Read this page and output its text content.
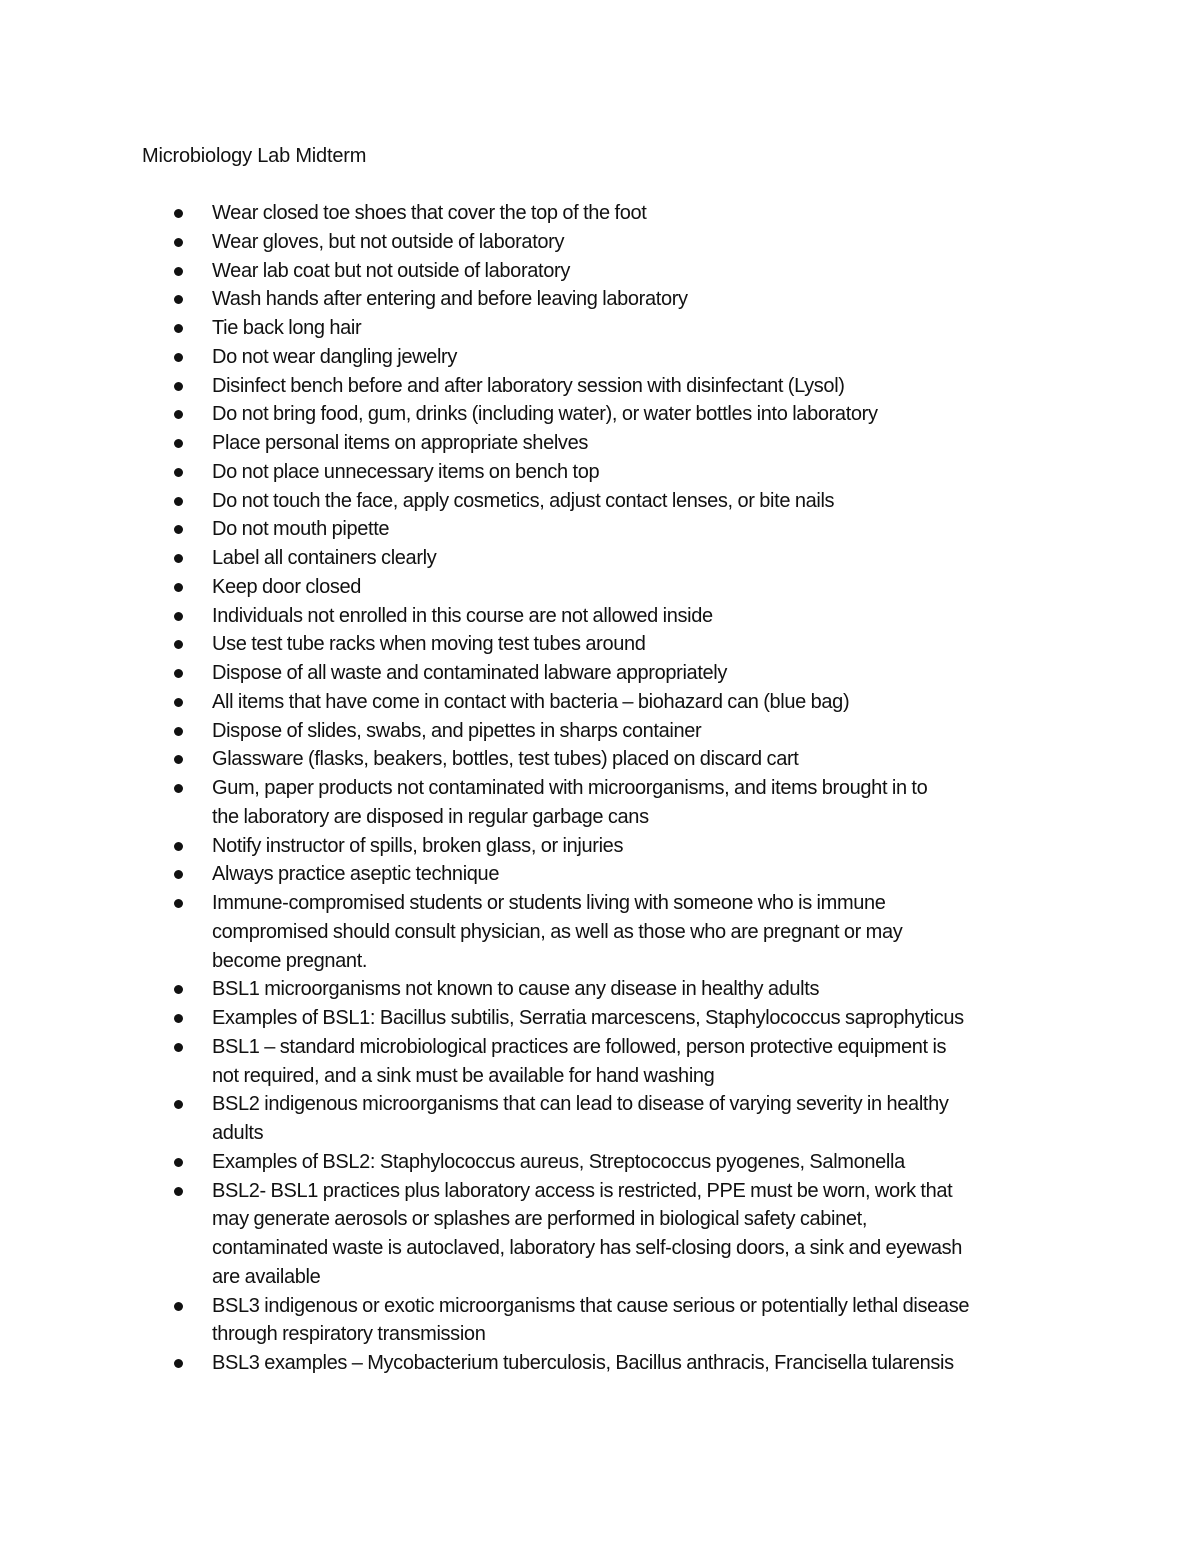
Microbiology Lab Midterm
Wear closed toe shoes that cover the top of the foot
Wear gloves, but not outside of laboratory
Wear lab coat but not outside of laboratory
Wash hands after entering and before leaving laboratory
Tie back long hair
Do not wear dangling jewelry
Disinfect bench before and after laboratory session with disinfectant (Lysol)
Do not bring food, gum, drinks (including water), or water bottles into laboratory
Place personal items on appropriate shelves
Do not place unnecessary items on bench top
Do not touch the face, apply cosmetics, adjust contact lenses, or bite nails
Do not mouth pipette
Label all containers clearly
Keep door closed
Individuals not enrolled in this course are not allowed inside
Use test tube racks when moving test tubes around
Dispose of all waste and contaminated labware appropriately
All items that have come in contact with bacteria – biohazard can (blue bag)
Dispose of slides, swabs, and pipettes in sharps container
Glassware (flasks, beakers, bottles, test tubes) placed on discard cart
Gum, paper products not contaminated with microorganisms, and items brought in to
the laboratory are disposed in regular garbage cans
Notify instructor of spills, broken glass, or injuries
Always practice aseptic technique
Immune-compromised students or students living with someone who is immune
compromised should consult physician, as well as those who are pregnant or may
become pregnant.
BSL1 microorganisms not known to cause any disease in healthy adults
Examples of BSL1: Bacillus subtilis, Serratia marcescens, Staphylococcus saprophyticus
BSL1 – standard microbiological practices are followed, person protective equipment is
not required, and a sink must be available for hand washing
BSL2 indigenous microorganisms that can lead to disease of varying severity in healthy
adults
Examples of BSL2: Staphylococcus aureus, Streptococcus pyogenes, Salmonella
BSL2- BSL1 practices plus laboratory access is restricted, PPE must be worn, work that
may generate aerosols or splashes are performed in biological safety cabinet,
contaminated waste is autoclaved, laboratory has self-closing doors, a sink and eyewash
are available
BSL3 indigenous or exotic microorganisms that cause serious or potentially lethal disease
through respiratory transmission
BSL3 examples – Mycobacterium tuberculosis, Bacillus anthracis, Francisella tularensis
